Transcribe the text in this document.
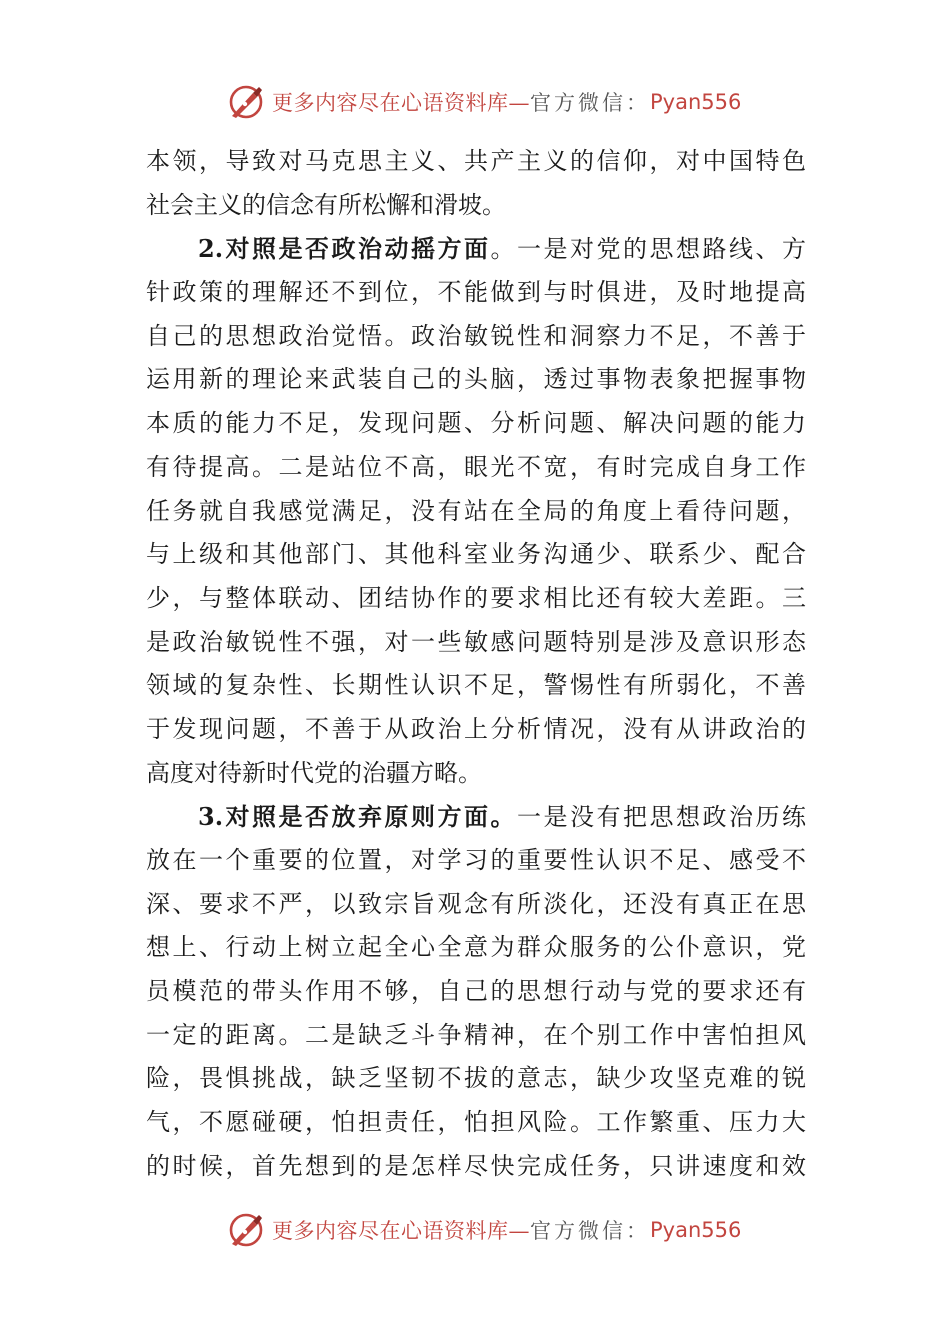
更多内容尽在心语资料库— 官方微信： Pyan556
本领，导致对马克思主义、共产主义的信仰，对中国特色
社会主义的信念有所松懈和滑坡。
2.对照是否政治动摇方面。一是对党的思想路线、方
针政策的理解还不到位，不能做到与时俱进，及时地提高
自己的思想政治觉悟。政治敏锐性和洞察力不足，不善于
运用新的理论来武装自己的头脑，透过事物表象把握事物
本质的能力不足，发现问题、分析问题、解决问题的能力
有待提高。二是站位不高，眼光不宽，有时完成自身工作
任务就自我感觉满足，没有站在全局的角度上看待问题，
与上级和其他部门、其他科室业务沟通少、联系少、配合
少，与整体联动、团结协作的要求相比还有较大差距。三
是政治敏锐性不强，对一些敏感问题特别是涉及意识形态
领域的复杂性、长期性认识不足，警惕性有所弱化，不善
于发现问题，不善于从政治上分析情况，没有从讲政治的
高度对待新时代党的治疆方略。
3.对照是否放弃原则方面。一是没有把思想政治历练
放在一个重要的位置，对学习的重要性认识不足、感受不
深、要求不严，以致宗旨观念有所淡化，还没有真正在思
想上、行动上树立起全心全意为群众服务的公仆意识，党
员模范的带头作用不够，自己的思想行动与党的要求还有
一定的距离。二是缺乏斗争精神，在个别工作中害怕担风
险，畏惧挑战，缺乏坚韧不拔的意志，缺少攻坚克难的锐
气，不愿碰硬，怕担责任，怕担风险。工作繁重、压力大
的时候，首先想到的是怎样尽快完成任务，只讲速度和效
更多内容尽在心语资料库— 官方微信： Pyan556
